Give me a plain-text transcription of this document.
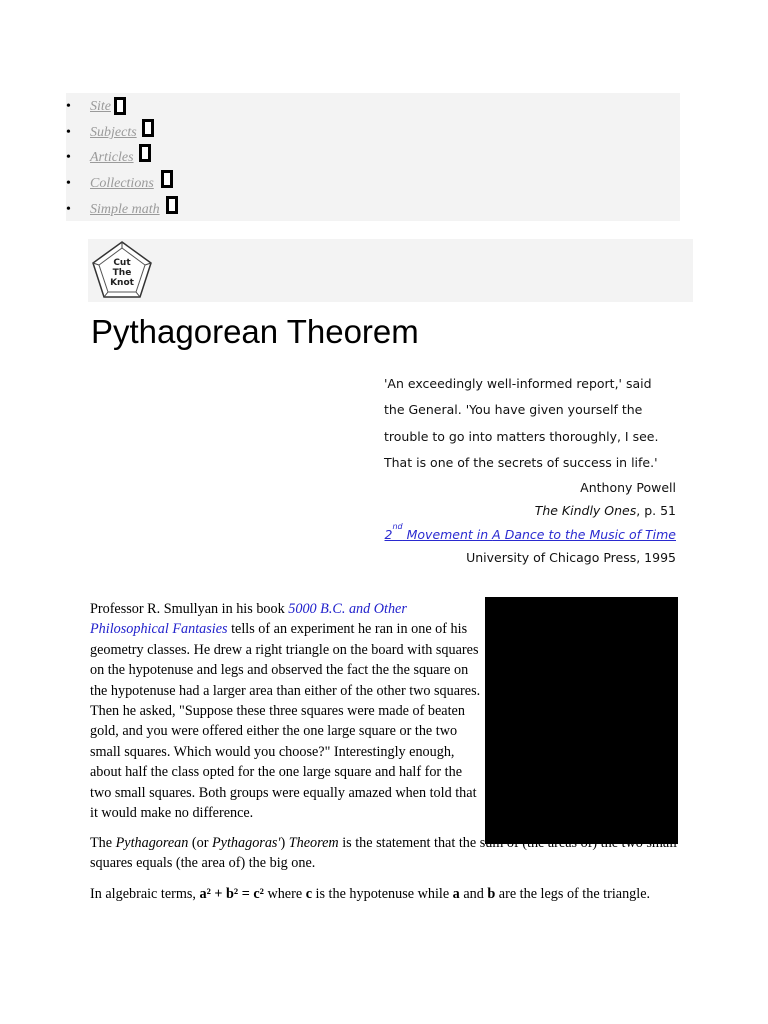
• Site
• Subjects
• Articles
• Collections
• Simple math
Cut
The
Knot
Pythagorean Theorem

'An exceedingly well-informed report,' said

the General. 'You have given yourself the

trouble to go into matters thoroughly, I see.

That is one of the secrets of success in life.'

Anthony Powell

The Kindly Ones, p. 51

2nd Movement in A Dance to the Music of Time

University of Chicago Press, 1995

Professor R. Smullyan in his book 5000 B.C. and Other Philosophical Fantasies tells of an experiment he ran in one of his geometry classes. He drew a right triangle on the board with squares on the hypotenuse and legs and observed the fact the the square on the hypotenuse had a larger area than either of the other two squares. Then he asked, "Suppose these three squares were made of beaten gold, and you were offered either the one large square or the two small squares. Which would you choose?" Interestingly enough, about half the class opted for the one large square and half for the two small squares. Both groups were equally amazed when told that it would make no difference.

The Pythagorean (or Pythagoras') Theorem is the statement that the sum of (the areas of) the two small squares equals (the area of) the big one.

In algebraic terms, a² + b² = c² where c is the hypotenuse while a and b are the legs of the triangle.
